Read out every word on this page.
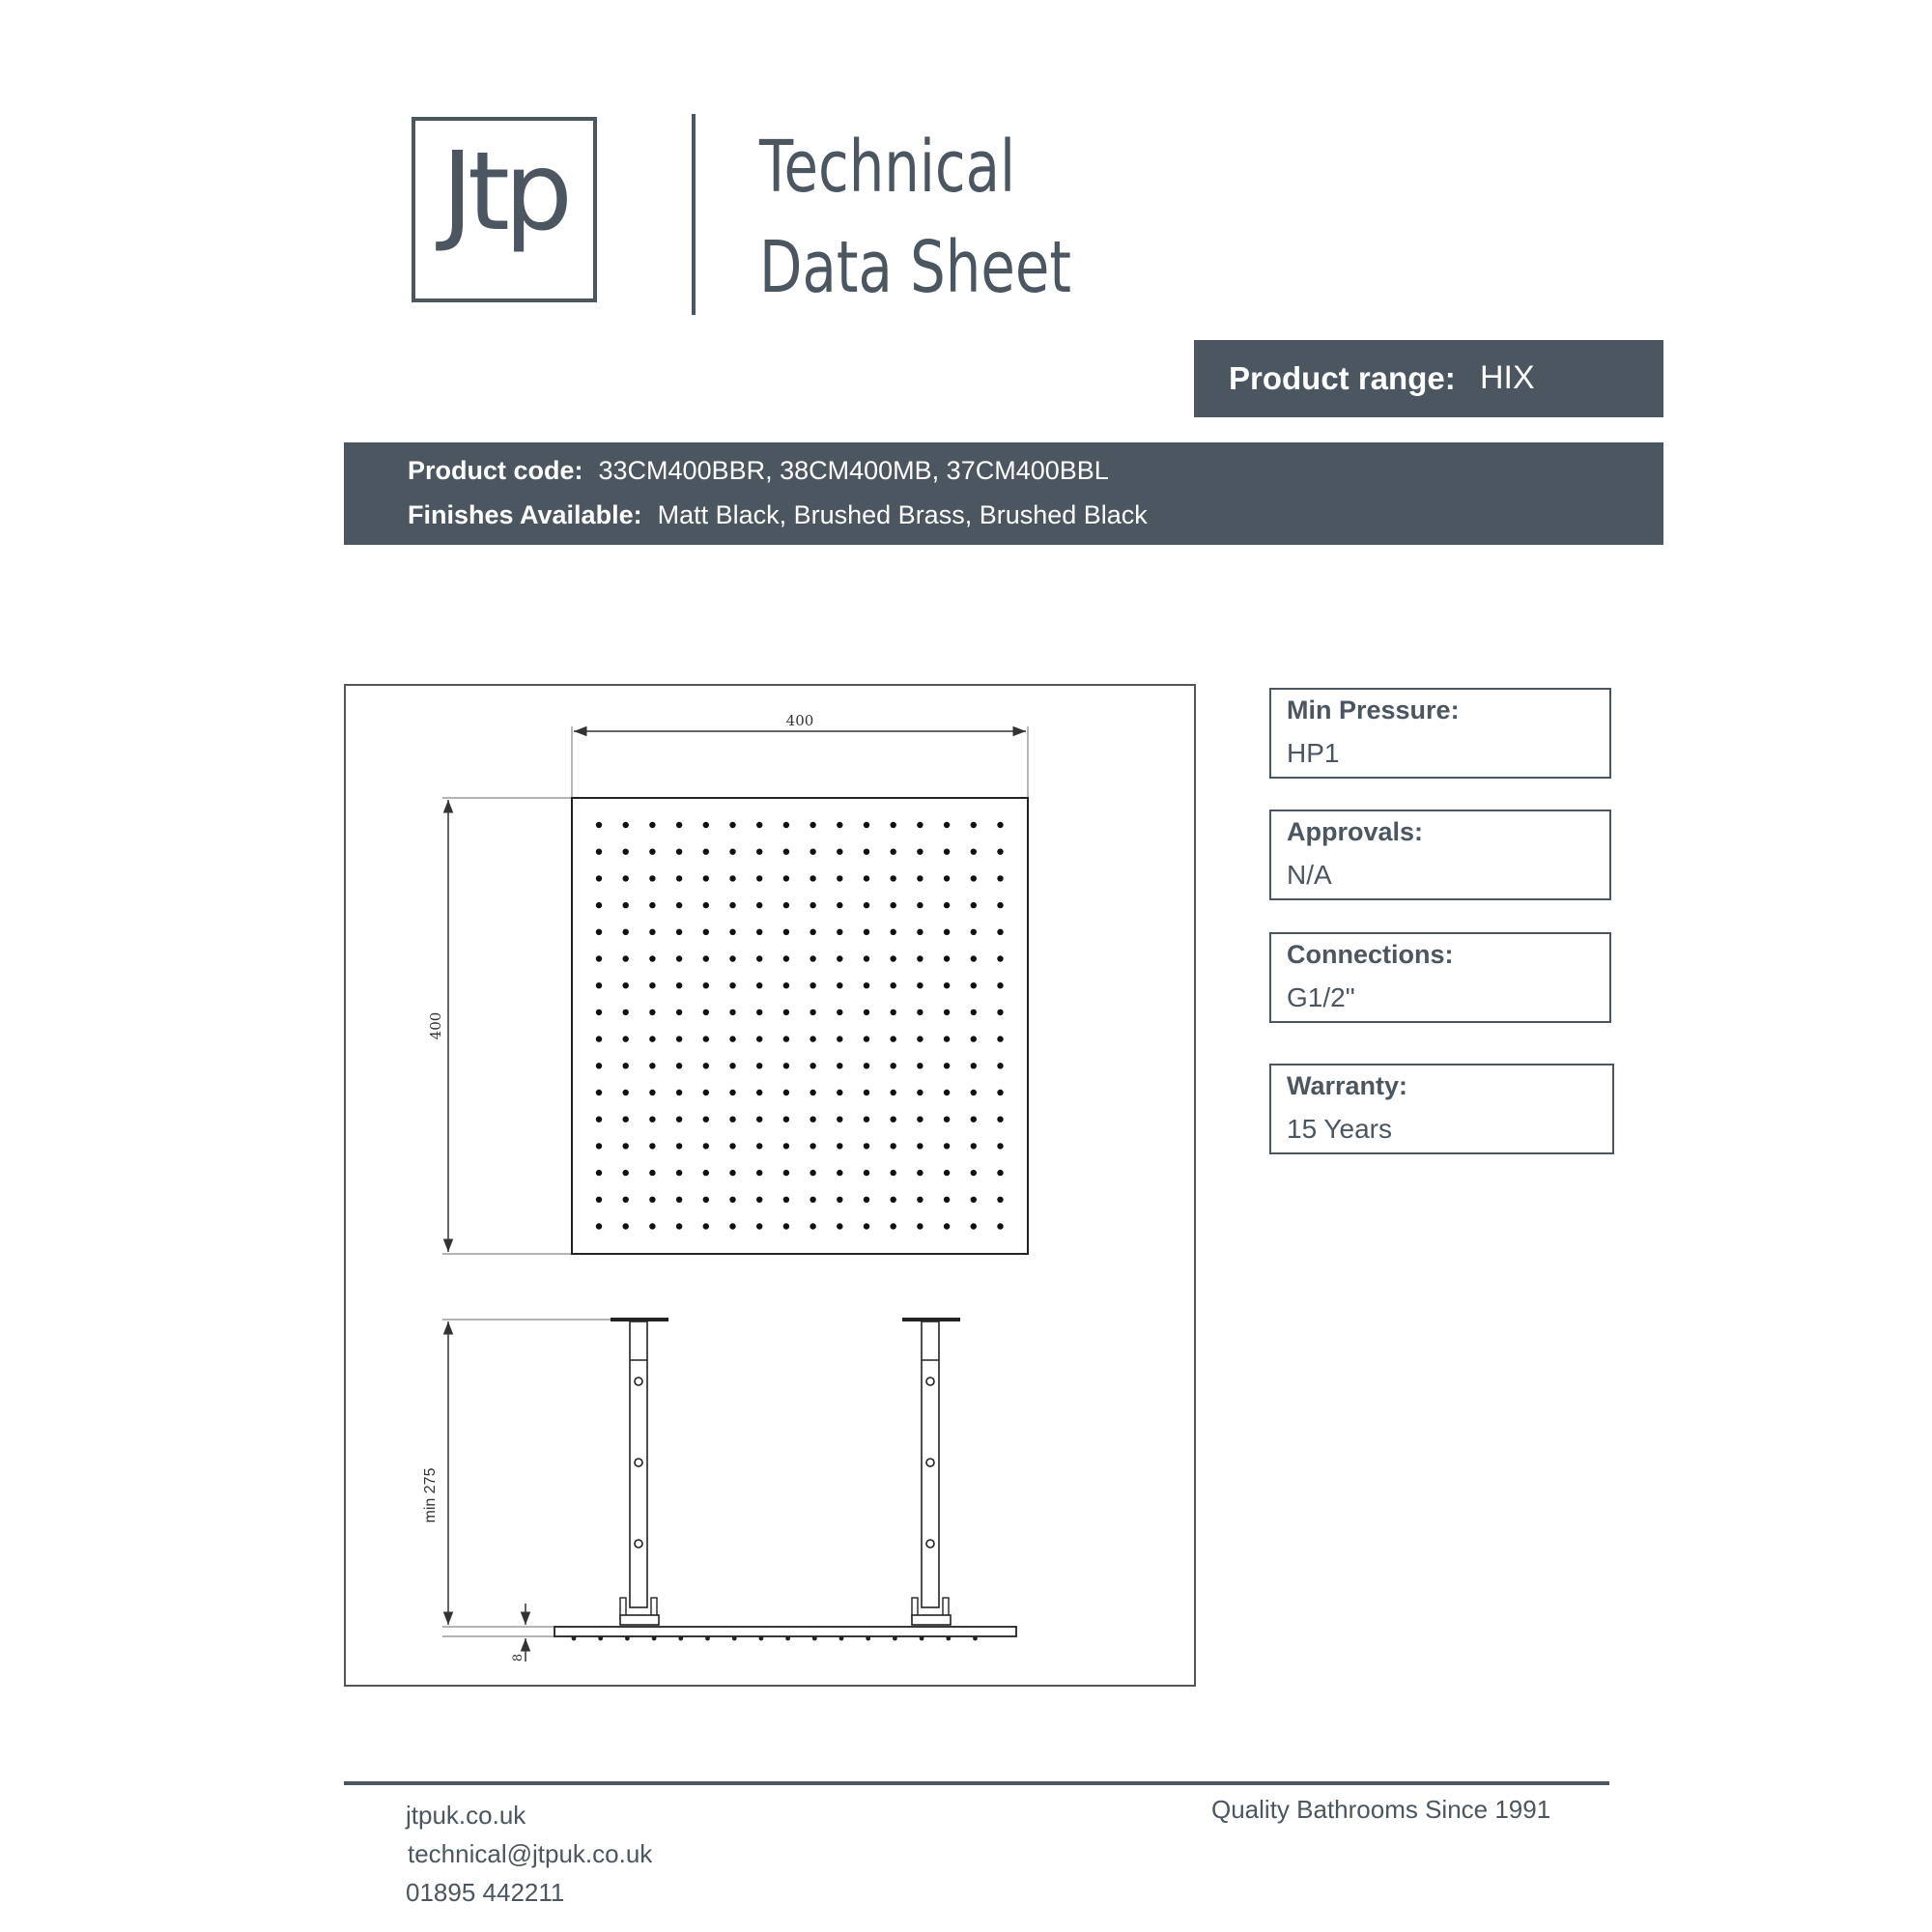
Jtp	Technical
Data Sheet
Product range: HIX
Product code: 33CM400BBR, 38CM400MB, 37CM400BBL
Finishes Available: Matt Black, Brushed Brass, Brushed Black
400
400
min 275
8
Min Pressure:
HP1
Approvals:
N/A
Connections:
G1/2"
Warranty:
15 Years
jtpuk.co.uk
technical@jtpuk.co.uk
01895 442211
Quality Bathrooms Since 1991
